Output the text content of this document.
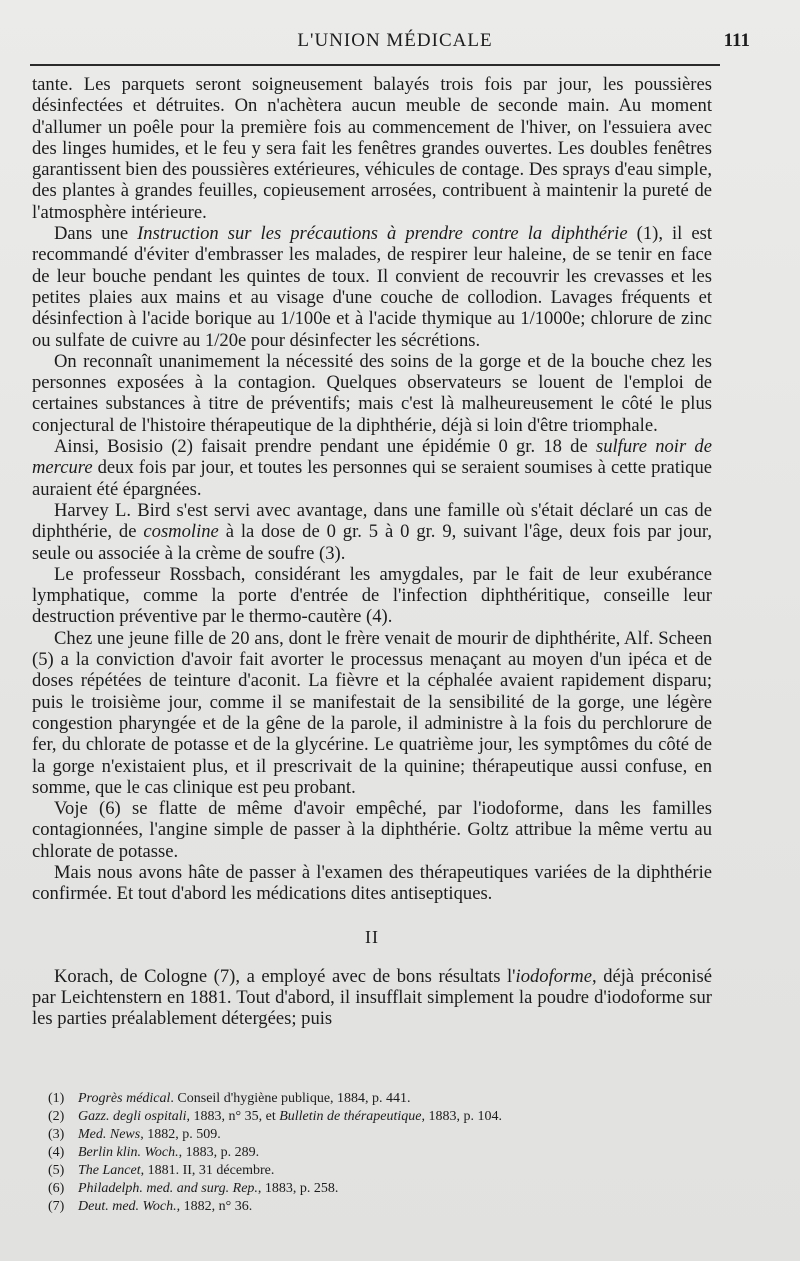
L'UNION MÉDICALE	111

tante. Les parquets seront soigneusement balayés trois fois par jour, les poussières désinfectées et détruites. On n'achètera aucun meuble de seconde main. Au moment d'allumer un poêle pour la première fois au commencement de l'hiver, on l'essuiera avec des linges humides, et le feu y sera fait les fenêtres grandes ouvertes. Les doubles fenêtres garantissent bien des poussières extérieures, véhicules de contage. Des sprays d'eau simple, des plantes à grandes feuilles, copieusement arrosées, contribuent à maintenir la pureté de l'atmosphère intérieure.

Dans une Instruction sur les précautions à prendre contre la diphthérie (1), il est recommandé d'éviter d'embrasser les malades, de respirer leur haleine, de se tenir en face de leur bouche pendant les quintes de toux. Il convient de recouvrir les crevasses et les petites plaies aux mains et au visage d'une couche de collodion. Lavages fréquents et désinfection à l'acide borique au 1/100e et à l'acide thymique au 1/1000e; chlorure de zinc ou sulfate de cuivre au 1/20e pour désinfecter les sécrétions.

On reconnaît unanimement la nécessité des soins de la gorge et de la bouche chez les personnes exposées à la contagion. Quelques observateurs se louent de l'emploi de certaines substances à titre de préventifs; mais c'est là malheureusement le côté le plus conjectural de l'histoire thérapeutique de la diphthérie, déjà si loin d'être triomphale.

Ainsi, Bosisio (2) faisait prendre pendant une épidémie 0 gr. 18 de sulfure noir de mercure deux fois par jour, et toutes les personnes qui se seraient soumises à cette pratique auraient été épargnées.

Harvey L. Bird s'est servi avec avantage, dans une famille où s'était déclaré un cas de diphthérie, de cosmoline à la dose de 0 gr. 5 à 0 gr. 9, suivant l'âge, deux fois par jour, seule ou associée à la crème de soufre (3).

Le professeur Rossbach, considérant les amygdales, par le fait de leur exubérance lymphatique, comme la porte d'entrée de l'infection diphthéritique, conseille leur destruction préventive par le thermo-cautère (4).

Chez une jeune fille de 20 ans, dont le frère venait de mourir de diphthérite, Alf. Scheen (5) a la conviction d'avoir fait avorter le processus menaçant au moyen d'un ipéca et de doses répétées de teinture d'aconit. La fièvre et la céphalée avaient rapidement disparu; puis le troisième jour, comme il se manifestait de la sensibilité de la gorge, une légère congestion pharyngée et de la gêne de la parole, il administre à la fois du perchlorure de fer, du chlorate de potasse et de la glycérine. Le quatrième jour, les symptômes du côté de la gorge n'existaient plus, et il prescrivait de la quinine; thérapeutique aussi confuse, en somme, que le cas clinique est peu probant.

Voje (6) se flatte de même d'avoir empêché, par l'iodoforme, dans les familles contagionnées, l'angine simple de passer à la diphthérie. Goltz attribue la même vertu au chlorate de potasse.

Mais nous avons hâte de passer à l'examen des thérapeutiques variées de la diphthérie confirmée. Et tout d'abord les médications dites antiseptiques.

II

Korach, de Cologne (7), a employé avec de bons résultats l'iodoforme, déjà préconisé par Leichtenstern en 1881. Tout d'abord, il insufflait simplement la poudre d'iodoforme sur les parties préalablement détergées; puis

(1) Progrès médical. Conseil d'hygiène publique, 1884, p. 441.
(2) Gazz. degli ospitali, 1883, n° 35, et Bulletin de thérapeutique, 1883, p. 104.
(3) Med. News, 1882, p. 509.
(4) Berlin klin. Woch., 1883, p. 289.
(5) The Lancet, 1881. II, 31 décembre.
(6) Philadelph. med. and surg. Rep., 1883, p. 258.
(7) Deut. med. Woch., 1882, n° 36.
